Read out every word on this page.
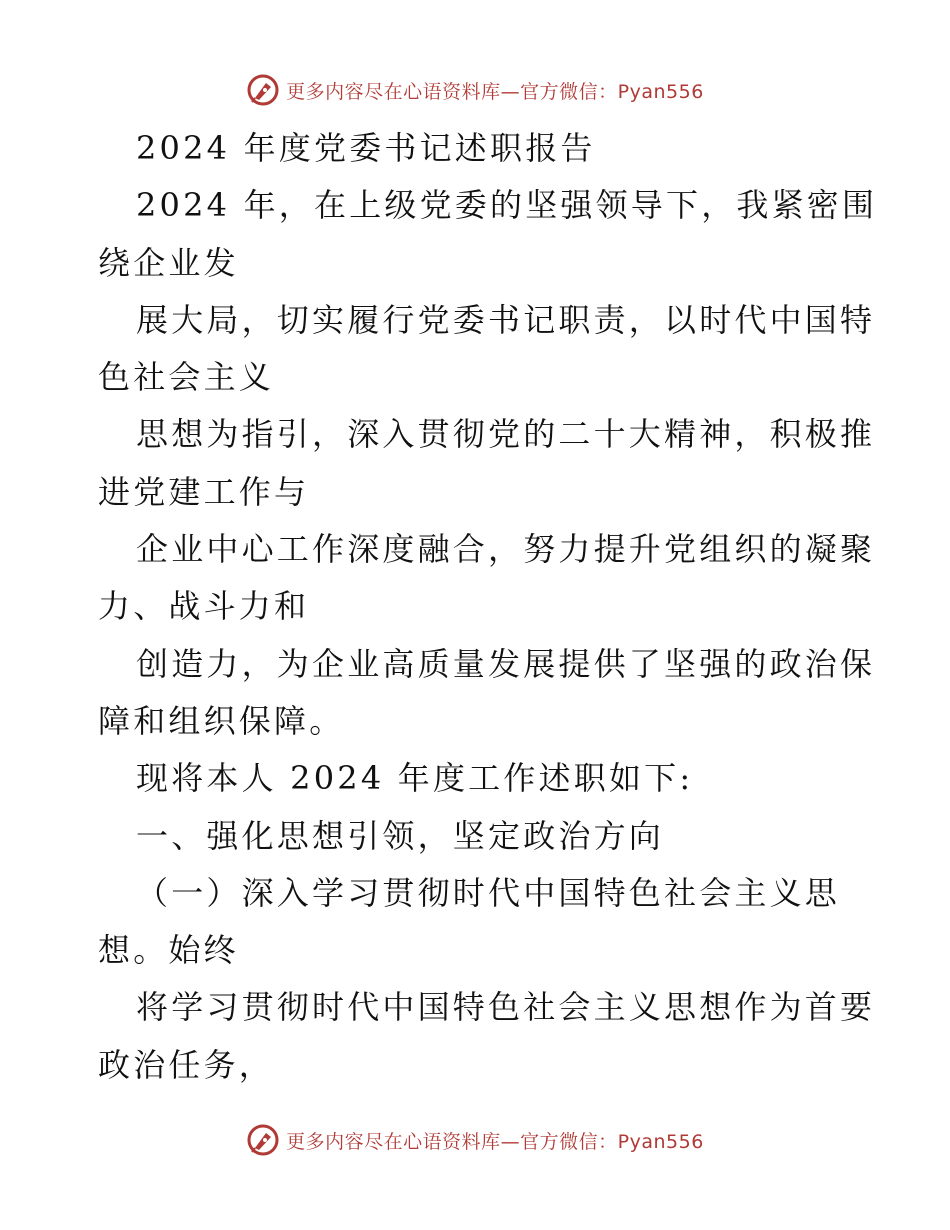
更多内容尽在心语资料库—官方微信：Pyan556

2024 年度党委书记述职报告

2024 年，在上级党委的坚强领导下，我紧密围

绕企业发

展大局，切实履行党委书记职责，以时代中国特

色社会主义

思想为指引，深入贯彻党的二十大精神，积极推

进党建工作与

企业中心工作深度融合，努力提升党组织的凝聚

力、战斗力和

创造力，为企业高质量发展提供了坚强的政治保

障和组织保障。

现将本人 2024 年度工作述职如下:

一、强化思想引领，坚定政治方向

（一）深入学习贯彻时代中国特色社会主义思

想。始终

将学习贯彻时代中国特色社会主义思想作为首要

政治任务，

更多内容尽在心语资料库—官方微信：Pyan556
